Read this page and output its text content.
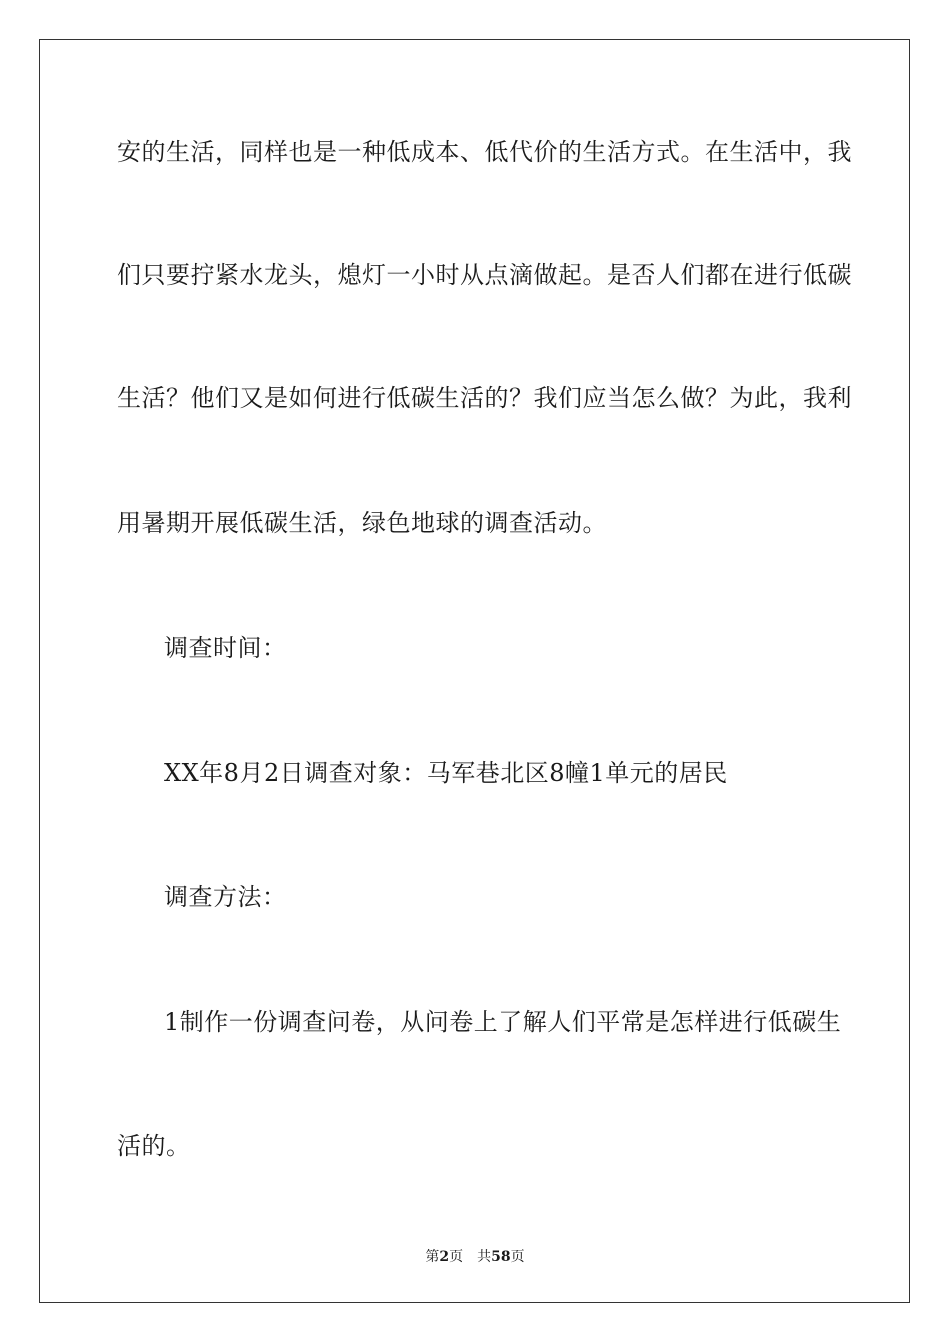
安的生活，同样也是一种低成本、低代价的生活方式。在生活中，我
们只要拧紧水龙头，熄灯一小时从点滴做起。是否人们都在进行低碳
生活？他们又是如何进行低碳生活的？我们应当怎么做？为此，我利
用暑期开展低碳生活，绿色地球的调查活动。
调查时间：
XX年8月2日调查对象：马军巷北区8幢1单元的居民
调查方法：
1制作一份调查问卷，从问卷上了解人们平常是怎样进行低碳生
活的。
第2页 共58页
